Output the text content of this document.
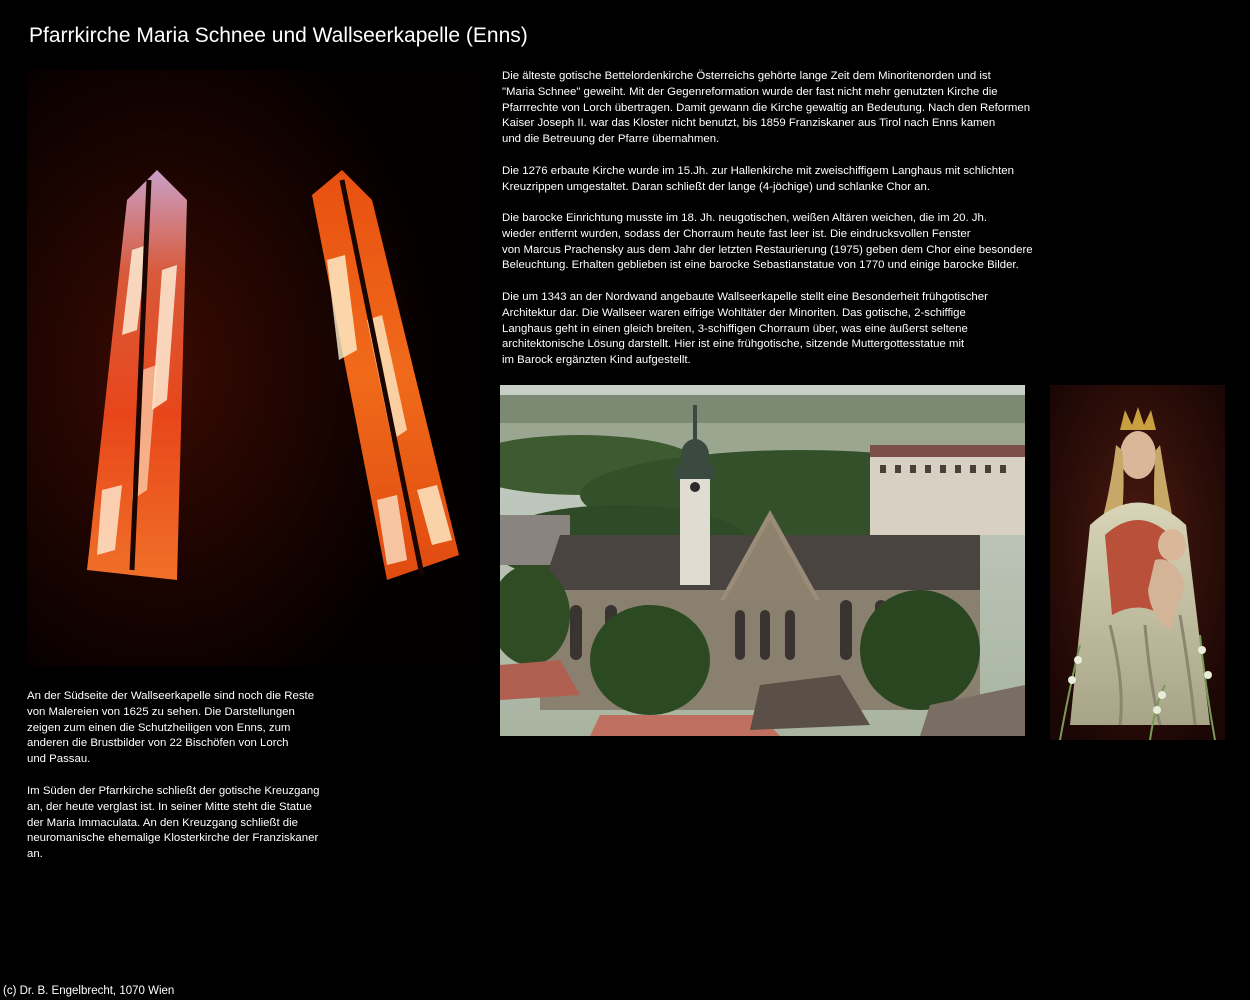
Pfarrkirche Maria Schnee und Wallseerkapelle (Enns)
Die älteste gotische Bettelordenkirche Österreichs gehörte lange Zeit dem Minoritenorden und ist
"Maria Schnee" geweiht. Mit der Gegenreformation wurde der fast nicht mehr genutzten Kirche die
Pfarrrechte von Lorch übertragen. Damit gewann die Kirche gewaltig an Bedeutung. Nach den Reformen
Kaiser Joseph II. war das Kloster nicht benutzt, bis 1859 Franziskaner aus Tirol nach Enns kamen
und die Betreuung der Pfarre übernahmen.
Die 1276 erbaute Kirche wurde im 15.Jh. zur Hallenkirche mit zweischiffigem Langhaus mit schlichten
Kreuzrippen umgestaltet. Daran schließt der lange (4-jöchige) und schlanke Chor an.
Die barocke Einrichtung musste im 18. Jh. neugotischen, weißen Altären weichen, die im 20. Jh.
wieder entfernt wurden, sodass der Chorraum heute fast leer ist. Die eindrucksvollen Fenster
von Marcus Prachensky aus dem Jahr der letzten Restaurierung (1975) geben dem Chor eine besondere
Beleuchtung. Erhalten geblieben ist eine barocke Sebastianstatue von 1770 und einige barocke Bilder.
Die um 1343 an der Nordwand angebaute Wallseerkapelle stellt eine Besonderheit frühgotischer
Architektur dar. Die Wallseer waren eifrige Wohltäter der Minoriten. Das gotische, 2-schiffige
Langhaus geht in einen gleich breiten, 3-schiffigen Chorraum über, was eine äußerst seltene
architektonische Lösung darstellt. Hier ist eine frühgotische, sitzende Muttergottesstatue mit
im Barock ergänzten Kind aufgestellt.
An der Südseite der Wallseerkapelle sind noch die Reste
von Malereien von 1625 zu sehen. Die Darstellungen
zeigen zum einen die Schutzheiligen von Enns, zum
anderen die Brustbilder von 22 Bischöfen von Lorch
und Passau.
Im Süden der Pfarrkirche schließt der gotische Kreuzgang
an, der heute verglast ist. In seiner Mitte steht die Statue
der Maria Immaculata. An den Kreuzgang schließt die
neuromanische ehemalige Klosterkirche der Franziskaner
an.
(c) Dr. B. Engelbrecht, 1070 Wien
